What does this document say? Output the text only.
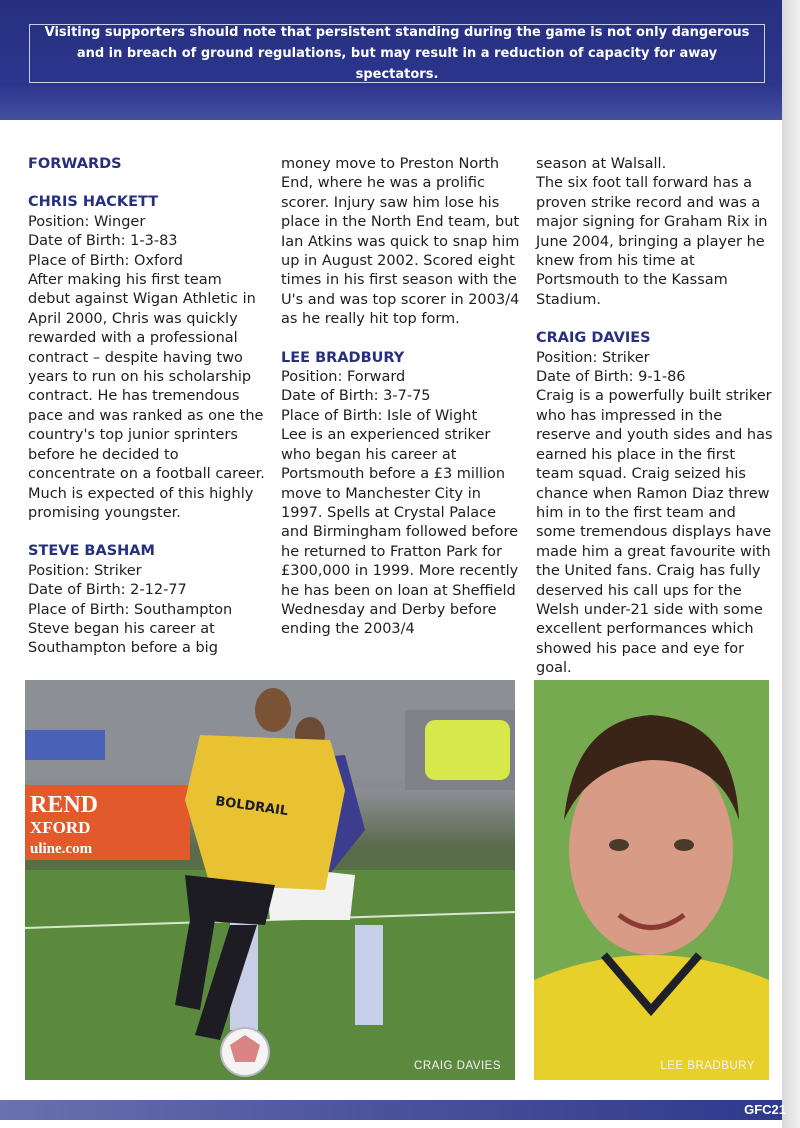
Visiting supporters should note that persistent standing during the game is not only dangerous and in breach of ground regulations, but may result in a reduction of capacity for away spectators.

FORWARDS

CHRIS HACKETT

Position: Winger

Date of Birth: 1-3-83

Place of Birth: Oxford

After making his first team debut against Wigan Athletic in April 2000, Chris was quickly rewarded with a professional contract – despite having two years to run on his scholarship contract. He has tremendous pace and was ranked as one the country's top junior sprinters before he decided to concentrate on a football career. Much is expected of this highly promising youngster.

STEVE BASHAM

Position: Striker

Date of Birth: 2-12-77

Place of Birth: Southampton

Steve began his career at Southampton before a big

money move to Preston North End, where he was a prolific scorer. Injury saw him lose his place in the North End team, but Ian Atkins was quick to snap him up in August 2002. Scored eight times in his first season with the U's and was top scorer in 2003/4 as he really hit top form.

LEE BRADBURY

Position: Forward

Date of Birth: 3-7-75

Place of Birth: Isle of Wight

Lee is an experienced striker who began his career at Portsmouth before a £3 million move to Manchester City in 1997. Spells at Crystal Palace and Birmingham followed before he returned to Fratton Park for £300,000 in 1999. More recently he has been on loan at Sheffield Wednesday and Derby before ending the 2003/4

season at Walsall.

The six foot tall forward has a proven strike record and was a major signing for Graham Rix in June 2004, bringing a player he knew from his time at Portsmouth to the Kassam Stadium.

CRAIG DAVIES

Position: Striker

Date of Birth: 9-1-86

Craig is a powerfully built striker who has impressed in the reserve and youth sides and has earned his place in the first team squad. Craig seized his chance when Ramon Diaz threw him in to the first team and some tremendous displays have made him a great favourite with the United fans. Craig has fully deserved his call ups for the Welsh under-21 side with some excellent performances which showed his pace and eye for goal.

REND
XFORD
uline.com
BOLDRAIL
CRAIG DAVIES	LEE BRADBURY
GFC21
